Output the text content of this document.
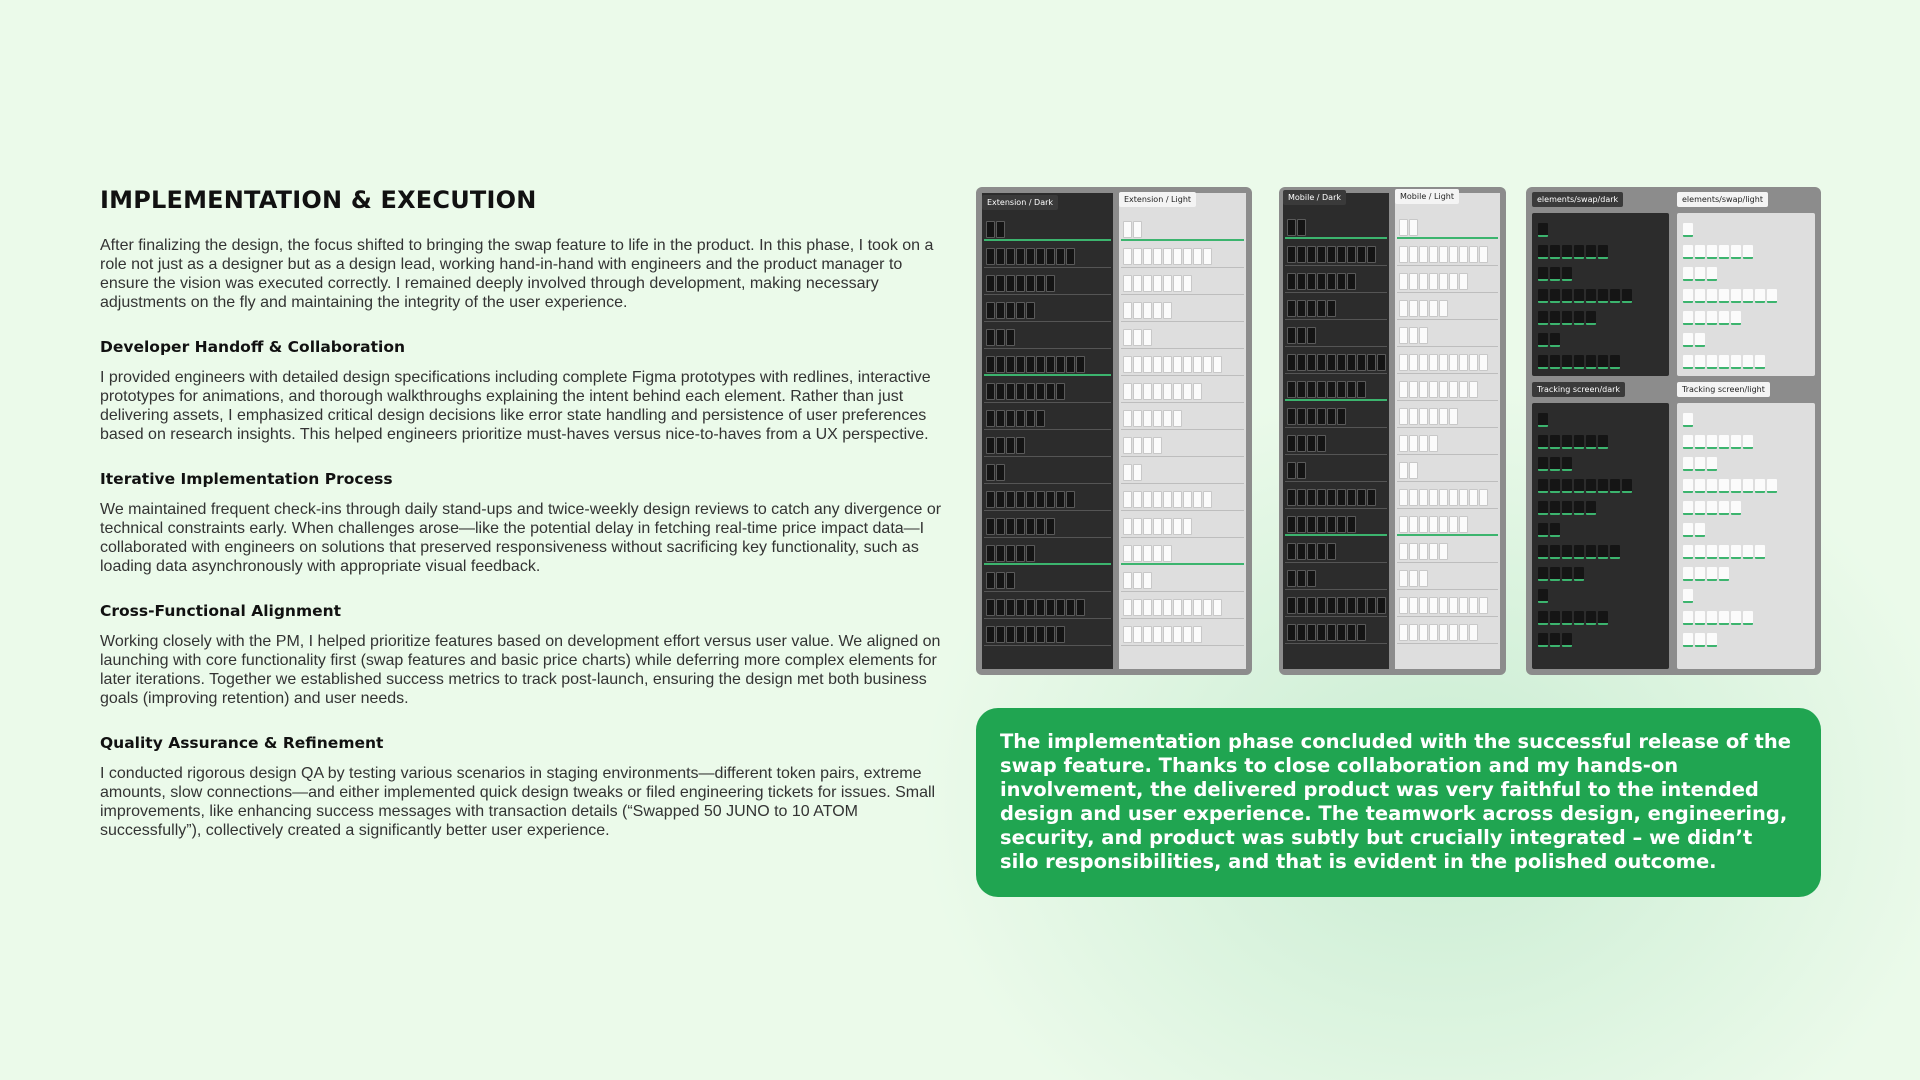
IMPLEMENTATION & EXECUTION

After finalizing the design, the focus shifted to bringing the swap feature to life in the product. In this phase, I took on a role not just as a designer but as a design lead, working hand-in-hand with engineers and the product manager to ensure the vision was executed correctly. I remained deeply involved through development, making necessary adjustments on the fly and maintaining the integrity of the user experience.

Developer Handoff & Collaboration

I provided engineers with detailed design specifications including complete Figma prototypes with redlines, interactive prototypes for animations, and thorough walkthroughs explaining the intent behind each element. Rather than just delivering assets, I emphasized critical design decisions like error state handling and persistence of user preferences based on research insights. This helped engineers prioritize must-haves versus nice-to-haves from a UX perspective.

Iterative Implementation Process

We maintained frequent check-ins through daily stand-ups and twice-weekly design reviews to catch any divergence or technical constraints early. When challenges arose—like the potential delay in fetching real-time price impact data—I collaborated with engineers on solutions that preserved responsiveness without sacrificing key functionality, such as loading data asynchronously with appropriate visual feedback.

Cross-Functional Alignment

Working closely with the PM, I helped prioritize features based on development effort versus user value. We aligned on launching with core functionality first (swap features and basic price charts) while deferring more complex elements for later iterations. Together we established success metrics to track post-launch, ensuring the design met both business goals (improving retention) and user needs.

Quality Assurance & Refinement

I conducted rigorous design QA by testing various scenarios in staging environments—different token pairs, extreme amounts, slow connections—and either implemented quick design tweaks or filed engineering tickets for issues. Small improvements, like enhancing success messages with transaction details (“Swapped 50 JUNO to 10 ATOM successfully”), collectively created a significantly better user experience.

Extension / Dark	Extension / Light	Mobile / Dark	Mobile / Light	elements/swap/dark	elements/swap/light
Tracking screen/dark	Tracking screen/light

The implementation phase concluded with the successful release of the swap feature. Thanks to close collaboration and my hands-on involvement, the delivered product was very faithful to the intended design and user experience. The teamwork across design, engineering, security, and product was subtly but crucially integrated – we didn’t silo responsibilities, and that is evident in the polished outcome.
